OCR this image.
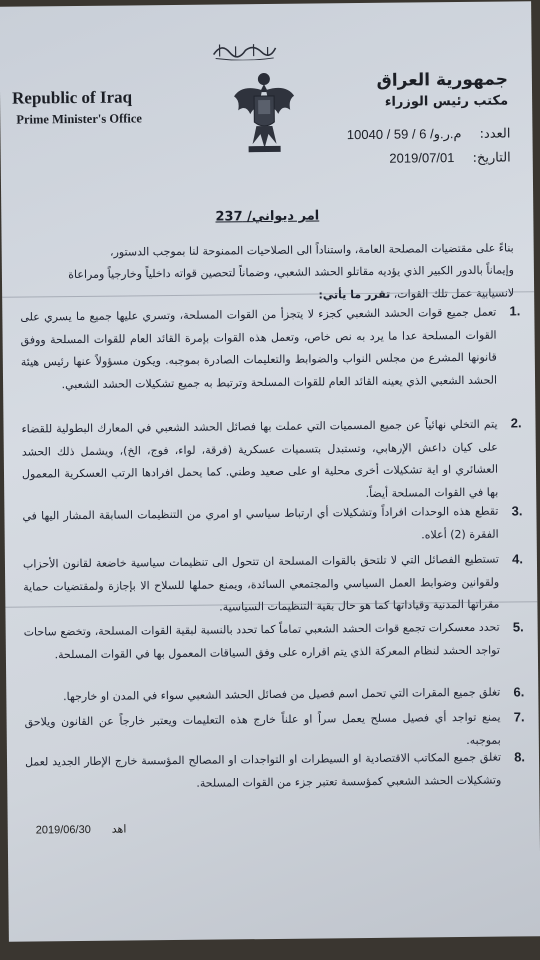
Republic of Iraq
Prime Minister's Office
جمهورية العراق
مكتب رئيس الوزراء
العدد: م.ر.و/ 6 / 59 / 10040
التاريخ: 2019/07/01
امر ديواني/ 237
بناءً على مقتضيات المصلحة العامة، واستناداً الى الصلاحيات الممنوحة لنا بموجب الدستور،
وإيماناً بالدور الكبير الذي يؤديه مقاتلو الحشد الشعبي، وضماناً لتحصين قواته داخلياً وخارجياً ومراعاة
لانسيابية عمل تلك القوات، تقرر ما يأتي:
1.
تعمل جميع قوات الحشد الشعبي كجزء لا يتجزأ من القوات المسلحة، وتسري عليها جميع ما يسري على القوات المسلحة عدا ما يرد به نص خاص، وتعمل هذه القوات بإمرة القائد العام للقوات المسلحة ووفق قانونها المشرع من مجلس النواب والضوابط والتعليمات الصادرة بموجبه. ويكون مسؤولاً عنها رئيس هيئة الحشد الشعبي الذي يعينه القائد العام للقوات المسلحة وترتبط به جميع تشكيلات الحشد الشعبي.
2.
يتم التخلي نهائياً عن جميع المسميات التي عملت بها فصائل الحشد الشعبي في المعارك البطولية للقضاء على كيان داعش الإرهابي، وتستبدل بتسميات عسكرية (فرقة، لواء، فوج، الخ)، ويشمل ذلك الحشد العشائري او اية تشكيلات أخرى محلية او على صعيد وطني. كما يحمل افرادها الرتب العسكرية المعمول بها في القوات المسلحة أيضاً.
3.
تقطع هذه الوحدات افراداً وتشكيلات أي ارتباط سياسي او امري من التنظيمات السابقة المشار اليها في الفقرة (2) أعلاه.
4.
تستطيع الفصائل التي لا تلتحق بالقوات المسلحة ان تتحول الى تنظيمات سياسية خاضعة لقانون الأحزاب ولقوانين وضوابط العمل السياسي والمجتمعي السائدة، ويمنع حملها للسلاح الا بإجازة ولمقتضيات حماية مقراتها المدنية وقياداتها كما هو حال بقية التنظيمات السياسية.
5.
تحدد معسكرات تجمع قوات الحشد الشعبي تماماً كما تحدد بالنسبة لبقية القوات المسلحة، وتخضع ساحات تواجد الحشد لنظام المعركة الذي يتم اقراره على وفق السياقات المعمول بها في القوات المسلحة.
6.
تغلق جميع المقرات التي تحمل اسم فصيل من فصائل الحشد الشعبي سواء في المدن او خارجها.
7.
يمنع تواجد أي فصيل مسلح يعمل سراً او علناً خارج هذه التعليمات ويعتبر خارجاً عن القانون ويلاحق بموجبه.
8.
تغلق جميع المكاتب الاقتصادية او السيطرات او التواجدات او المصالح المؤسسة خارج الإطار الجديد لعمل وتشكيلات الحشد الشعبي كمؤسسة تعتبر جزء من القوات المسلحة.
2019/06/30 اهد
